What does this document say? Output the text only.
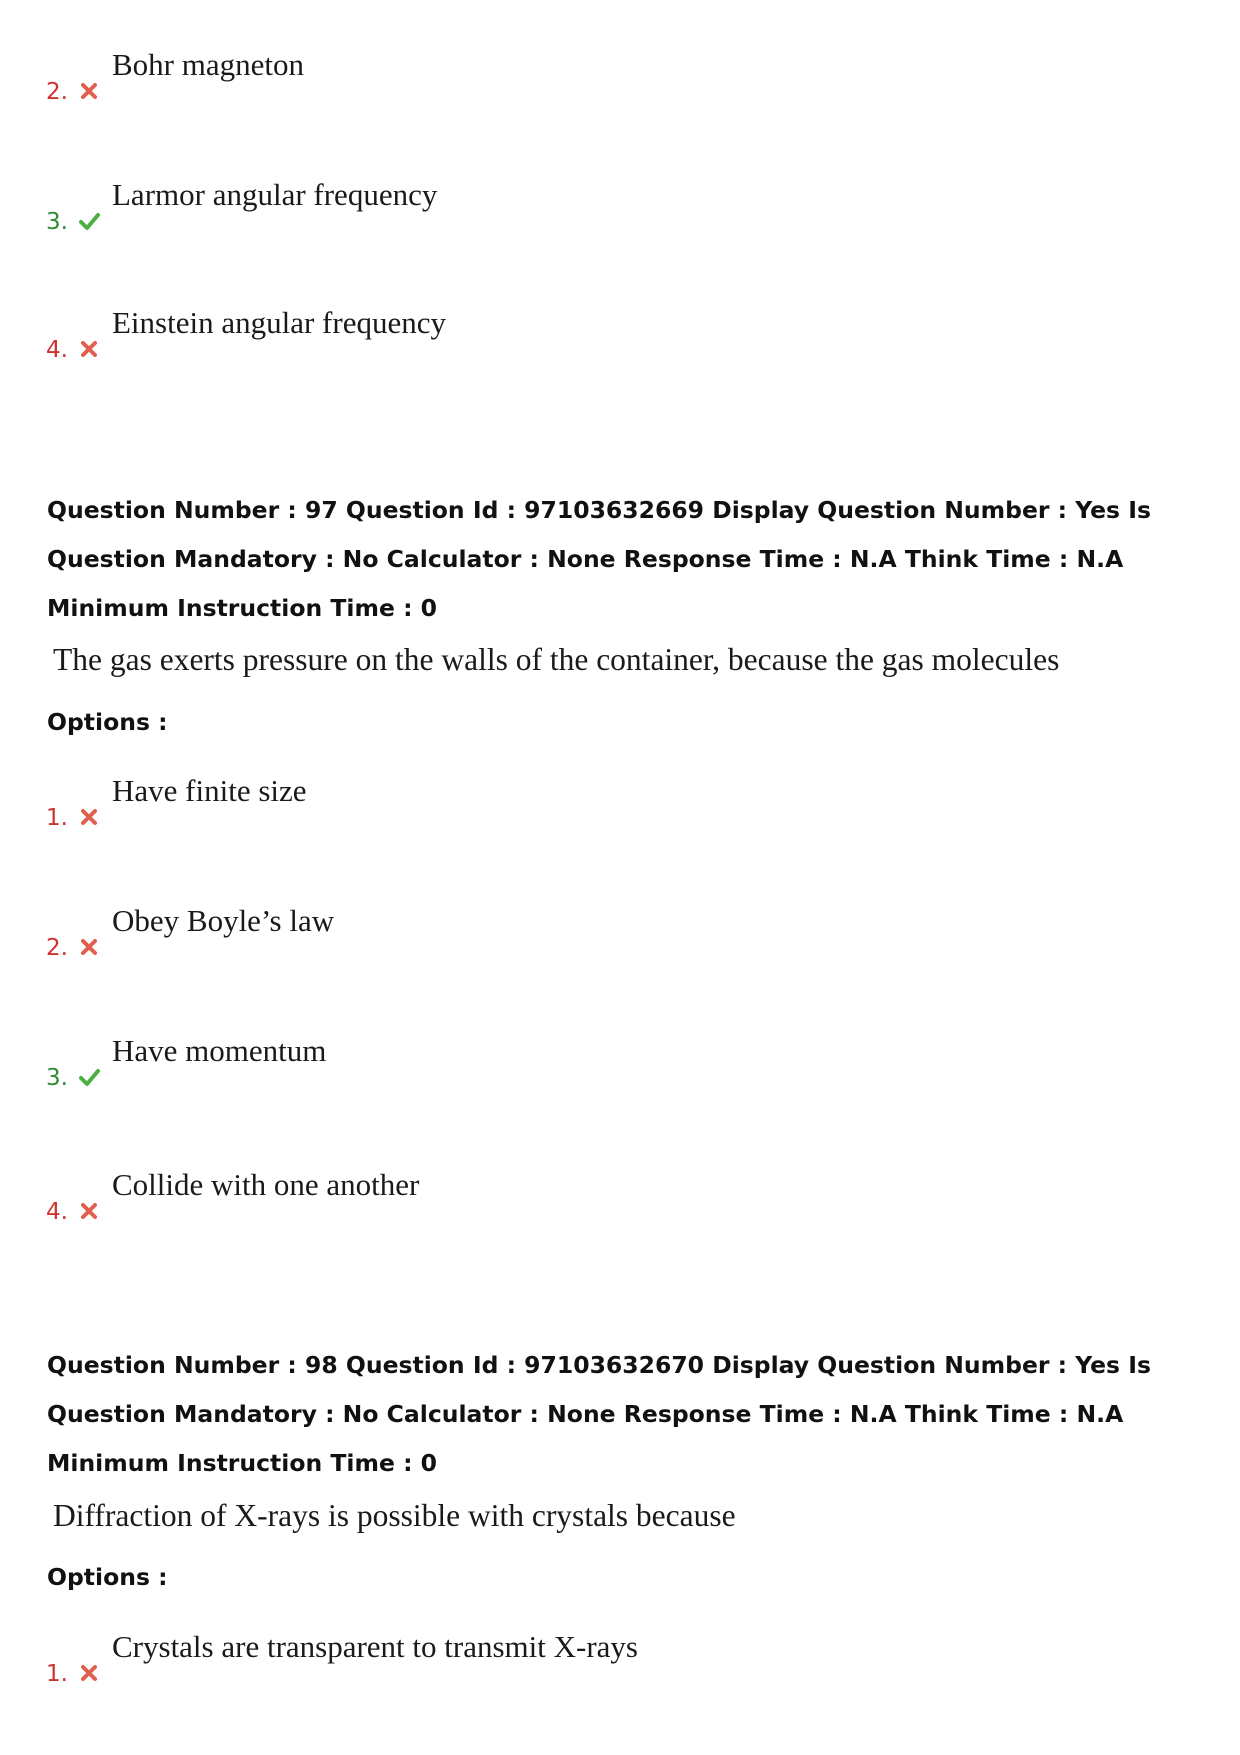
2.
Bohr magneton
3.
Larmor angular frequency
4.
Einstein angular frequency

Question Number : 97 Question Id : 97103632669 Display Question Number : Yes Is Question Mandatory : No Calculator : None Response Time : N.A Think Time : N.A Minimum Instruction Time : 0

The gas exerts pressure on the walls of the container, because the gas molecules

Options :

1.
Have finite size
2.
Obey Boyle’s law
3.
Have momentum
4.
Collide with one another

Question Number : 98 Question Id : 97103632670 Display Question Number : Yes Is Question Mandatory : No Calculator : None Response Time : N.A Think Time : N.A Minimum Instruction Time : 0

Diffraction of X-rays is possible with crystals because

Options :

1.
Crystals are transparent to transmit X-rays
